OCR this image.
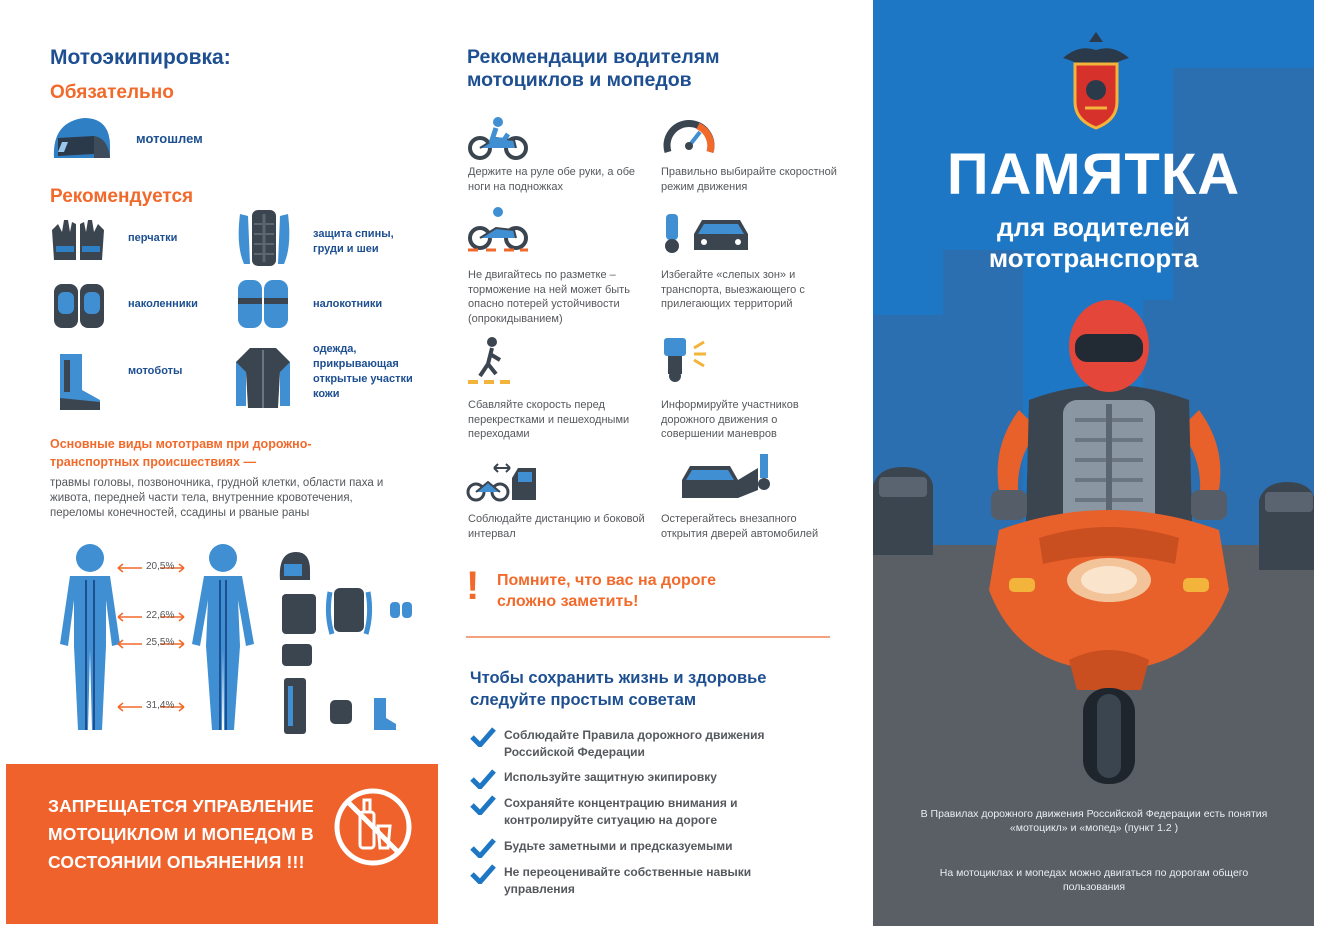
Мотоэкипировка:
Обязательно
мотошлем
Рекомендуется
перчатки	защита спины, груди и шеи
наколенники	налокотники
мотоботы
одежда, прикрывающая открытые участки кожи
Основные виды мототравм при дорожно-транспортных происшествиях —
травмы головы, позвоночника, грудной клетки, области паха и живота, передней части тела, внутренние кровотечения, переломы конечностей, ссадины и рваные раны
20,5%
22,6%
25,5%
31,4%
ЗАПРЕЩАЕТСЯ УПРАВЛЕНИЕ МОТОЦИКЛОМ И МОПЕДОМ В СОСТОЯНИИ ОПЬЯНЕНИЯ !!!
Рекомендации водителям мотоциклов и мопедов
Держите на руле обе руки, а обе ноги на подножках
Правильно выбирайте скоростной режим движения
Не двигайтесь по разметке – торможение на ней может быть опасно потерей устойчивости (опрокидыванием)
Избегайте «слепых зон» и транспорта, выезжающего с прилегающих территорий
Сбавляйте скорость перед перекрестками и пешеходными переходами
Информируйте участников дорожного движения о совершении маневров
Соблюдайте дистанцию и боковой интервал
Остерегайтесь внезапного открытия дверей автомобилей
! Помните, что вас на дороге сложно заметить!
Чтобы сохранить жизнь и здоровье следуйте простым советам
Соблюдайте Правила дорожного движения Российской Федерации
Используйте защитную экипировку
Сохраняйте концентрацию внимания и контролируйте ситуацию на дороге
Будьте заметными и предсказуемыми
Не переоценивайте собственные навыки управления
ПАМЯТКА
для водителей
мототранспорта
В Правилах дорожного движения Российской Федерации есть понятия «мотоцикл» и «мопед» (пункт 1.2 )
На мотоциклах и мопедах можно двигаться по дорогам общего пользования
